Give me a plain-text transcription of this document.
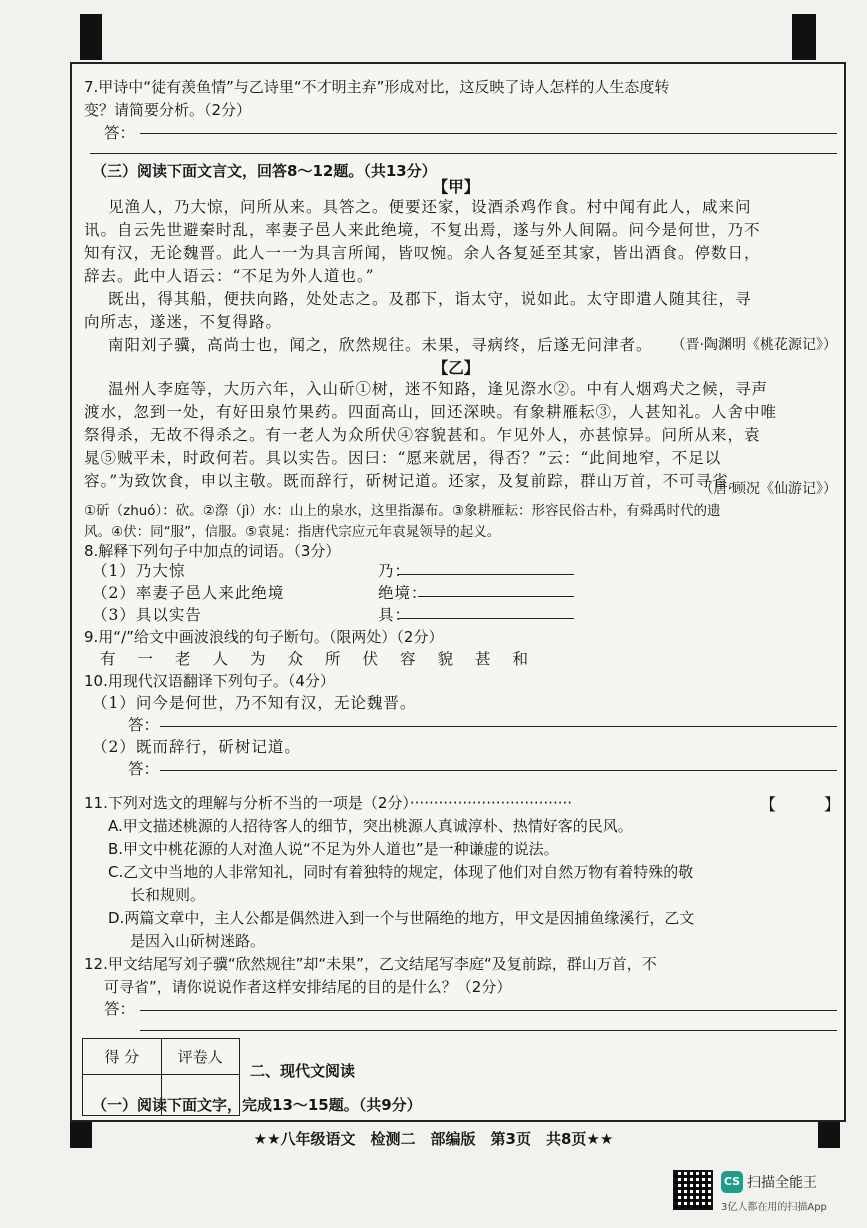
7.甲诗中“徒有羡鱼情”与乙诗里“不才明主弃”形成对比，这反映了诗人怎样的人生态度转
变？请简要分析。（2分）
答：
（三）阅读下面文言文，回答8～12题。（共13分）
【甲】
见渔人，乃大惊，问所从来。具答之。便要还家，设酒杀鸡作食。村中闻有此人，咸来问
讯。自云先世避秦时乱，率妻子邑人来此绝境，不复出焉，遂与外人间隔。问今是何世，乃不
知有汉，无论魏晋。此人一一为具言所闻，皆叹惋。余人各复延至其家，皆出酒食。停数日，
辞去。此中人语云：“不足为外人道也。”
既出，得其船，便扶向路，处处志之。及郡下，诣太守，说如此。太守即遣人随其往，寻
向所志，遂迷，不复得路。
南阳刘子骥，高尚士也，闻之，欣然规往。未果，寻病终，后遂无问津者。	（晋·陶渊明《桃花源记》）
【乙】
温州人李庭等，大历六年，入山斫①树，迷不知路，逢见漈水②。中有人烟鸡犬之候，寻声
渡水，忽到一处，有好田泉竹果药。四面高山，回还深映。有象耕雁耘③，人甚知礼。人舍中唯
祭得杀，无故不得杀之。有一老人为众所伏④容貌甚和。乍见外人，亦甚惊异。问所从来，袁
晁⑤贼平未，时政何若。具以实告。因曰：“愿来就居，得否？”云：“此间地窄，不足以
容。”为致饮食，申以主敬。既而辞行，斫树记道。还家，及复前踪，群山万首，不可寻省。
（唐·顾况《仙游记》）
①斫（zhuó）：砍。②漈（jì）水：山上的泉水，这里指瀑布。③象耕雁耘：形容民俗古朴，有舜禹时代的遗
风。④伏：同“服”，信服。⑤袁晁：指唐代宗应元年袁晁领导的起义。
8.解释下列句子中加点的词语。（3分）
（1）乃大惊	乃：
（2）率妻子邑人来此绝境	绝境：
（3）具以实告	具：
9.用“/”给文中画波浪线的句子断句。（限两处）（2分）
有一老人为众所伏容貌甚和
10.用现代汉语翻译下列句子。（4分）
（1）问今是何世，乃不知有汉，无论魏晋。
答：
（2）既而辞行，斫树记道。
答：
11.下列对选文的理解与分析不当的一项是（2分）··································	【　　　】
A.甲文描述桃源的人招待客人的细节，突出桃源人真诚淳朴、热情好客的民风。
B.甲文中桃花源的人对渔人说“不足为外人道也”是一种谦虚的说法。
C.乙文中当地的人非常知礼，同时有着独特的规定，体现了他们对自然万物有着特殊的敬
长和规则。
D.两篇文章中，主人公都是偶然进入到一个与世隔绝的地方，甲文是因捕鱼缘溪行，乙文
是因入山斫树迷路。
12.甲文结尾写刘子骥“欣然规往”却“未果”，乙文结尾写李庭“及复前踪，群山万首，不
可寻省”，请你说说作者这样安排结尾的目的是什么？（2分）
答：
得 分	评卷人

二、现代文阅读
（一）阅读下面文字，完成13～15题。（共9分）
★★八年级语文　检测二　部编版　第3页　共8页★★
CS 扫描全能王
3亿人都在用的扫描App
